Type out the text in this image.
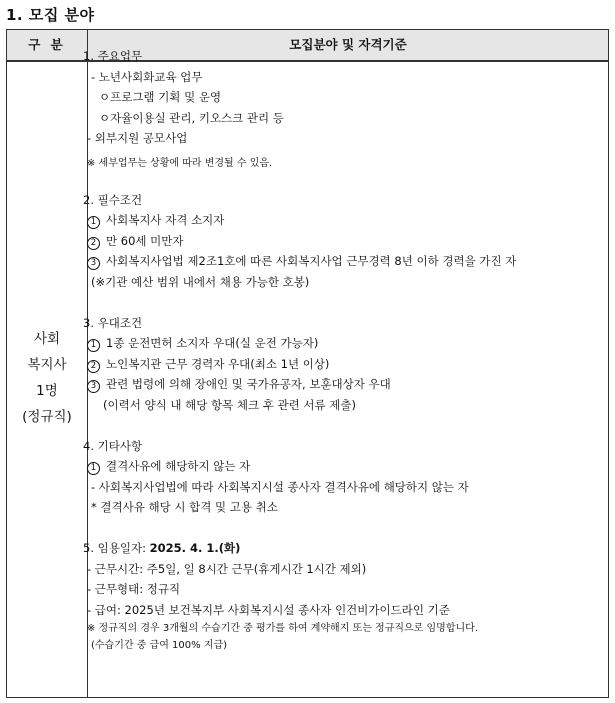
1. 모집 분야
구 분	모집분야 및 자격기준
사회
복지사
1명
(정규직)
1. 주요업무
- 노년사회화교육 업무
ㅇ프로그램 기획 및 운영
ㅇ자율이용실 관리, 키오스크 관리 등
- 외부지원 공모사업
※ 세부업무는 상황에 따라 변경될 수 있음.
2. 필수조건
1 사회복지사 자격 소지자
2 만 60세 미만자
3 사회복지사업법 제2조1호에 따른 사회복지사업 근무경력 8년 이하 경력을 가진 자
(※기관 예산 범위 내에서 채용 가능한 호봉)
3. 우대조건
1 1종 운전면허 소지자 우대(실 운전 가능자)
2 노인복지관 근무 경력자 우대(최소 1년 이상)
3 관련 법령에 의해 장애인 및 국가유공자, 보훈대상자 우대
(이력서 양식 내 해당 항목 체크 후 관련 서류 제출)
4. 기타사항
1 결격사유에 해당하지 않는 자
- 사회복지사업법에 따라 사회복지시설 종사자 결격사유에 해당하지 않는 자
* 결격사유 해당 시 합격 및 고용 취소
5. 임용일자: 2025. 4. 1.(화)
- 근무시간: 주5일, 일 8시간 근무(휴게시간 1시간 제외)
- 근무형태: 정규직
- 급여: 2025년 보건복지부 사회복지시설 종사자 인건비가이드라인 기준
※ 정규직의 경우 3개월의 수습기간 중 평가를 하여 계약해지 또는 정규직으로 임명합니다.
(수습기간 중 급여 100% 지급)
